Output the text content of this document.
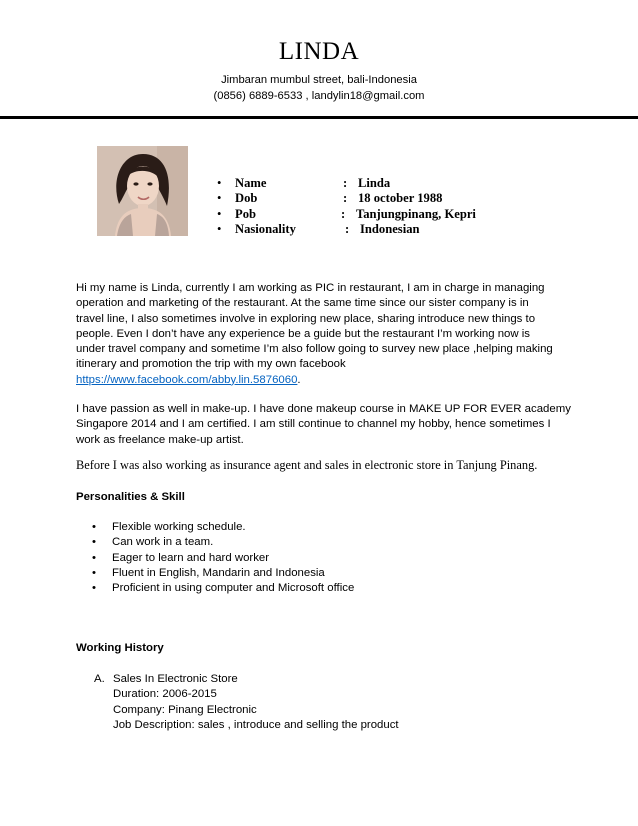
LINDA
Jimbaran mumbul street, bali-Indonesia
(0856) 6889-6533 , landylin18@gmail.com
• Name	: Linda
• Dob	: 18 october 1988
• Pob	: Tanjungpinang, Kepri
• Nasionality	: Indonesian

Hi my name is Linda, currently I am working as PIC in restaurant, I am in charge in managing
operation and marketing of the restaurant. At the same time since our sister company is in
travel line, I also sometimes involve in exploring new place, sharing introduce new things to
people. Even I don’t have any experience be a guide but the restaurant I’m working now is
under travel company and sometime I’m also follow going to survey new place ,helping making
itinerary and promotion the trip with my own facebook
https://www.facebook.com/abby.lin.5876060.

I have passion as well in make-up. I have done makeup course in MAKE UP FOR EVER academy
Singapore 2014 and I am certified. I am still continue to channel my hobby, hence sometimes I
work as freelance make-up artist.

Before I was also working as insurance agent and sales in electronic store in Tanjung Pinang.

Personalities & Skill
• Flexible working schedule.
• Can work in a team.
• Eager to learn and hard worker
• Fluent in English, Mandarin and Indonesia
• Proficient in using computer and Microsoft office
Working History
A. Sales In Electronic Store
Duration: 2006-2015
Company: Pinang Electronic
Job Description: sales , introduce and selling the product
